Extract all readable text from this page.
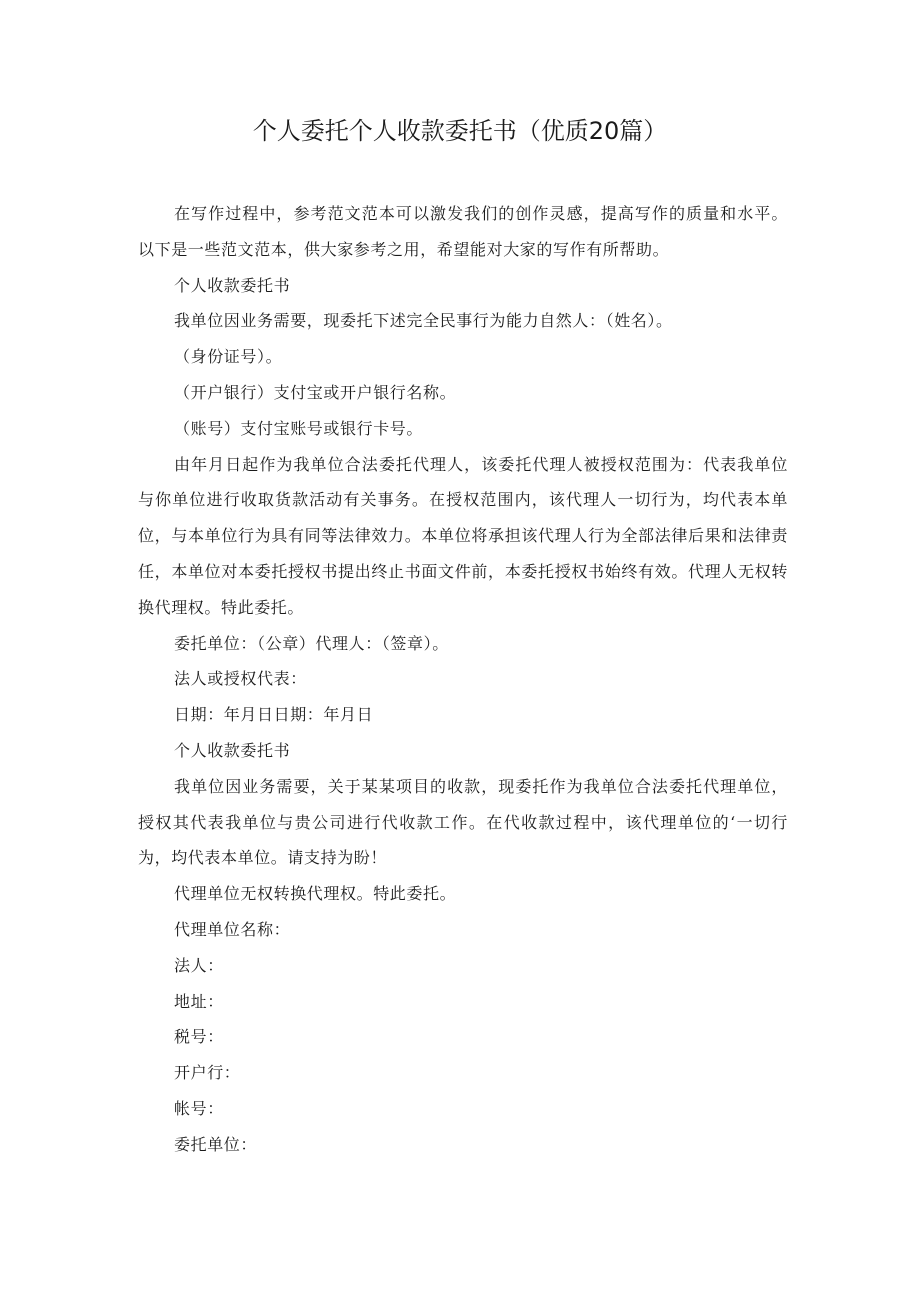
个人委托个人收款委托书（优质20篇）

在写作过程中，参考范文范本可以激发我们的创作灵感，提高写作的质量和水平。以下是一些范文范本，供大家参考之用，希望能对大家的写作有所帮助。

个人收款委托书

我单位因业务需要，现委托下述完全民事行为能力自然人：（姓名）。

（身份证号）。

（开户银行）支付宝或开户银行名称。

（账号）支付宝账号或银行卡号。

由年月日起作为我单位合法委托代理人，该委托代理人被授权范围为：代表我单位与你单位进行收取货款活动有关事务。在授权范围内，该代理人一切行为，均代表本单位，与本单位行为具有同等法律效力。本单位将承担该代理人行为全部法律后果和法律责任，本单位对本委托授权书提出终止书面文件前，本委托授权书始终有效。代理人无权转换代理权。特此委托。

委托单位：（公章）代理人：（签章）。

法人或授权代表：

日期：年月日日期：年月日

个人收款委托书

我单位因业务需要，关于某某项目的收款，现委托作为我单位合法委托代理单位，授权其代表我单位与贵公司进行代收款工作。在代收款过程中，该代理单位的‘一切行为，均代表本单位。请支持为盼！

代理单位无权转换代理权。特此委托。

代理单位名称：

法人：

地址：

税号：

开户行：

帐号：

委托单位：
